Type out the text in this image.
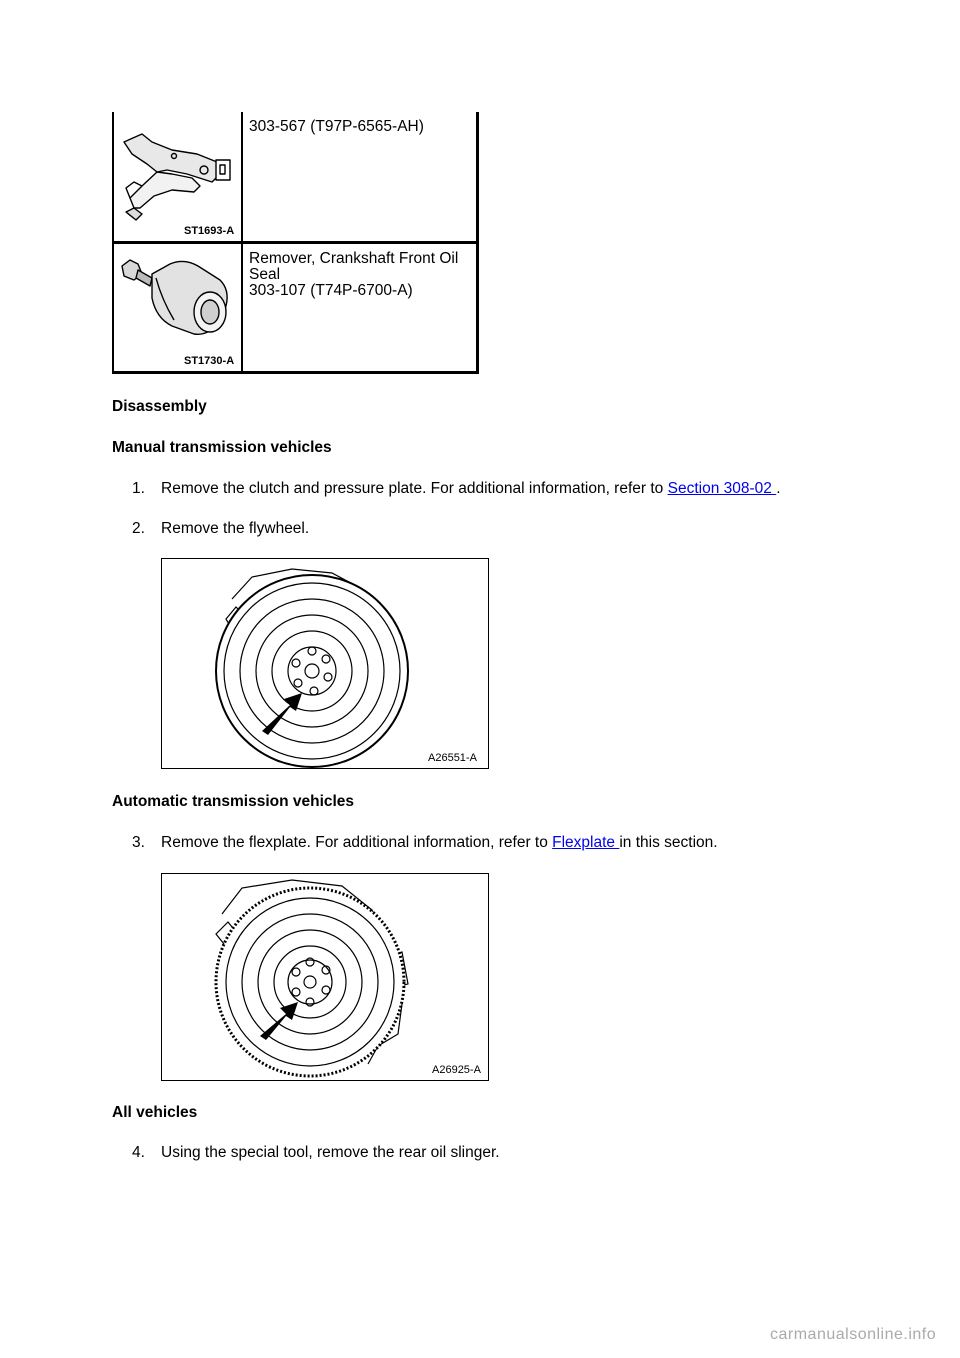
ST1693-A
303-567 (T97P-6565-AH)
ST1730-A
Remover, Crankshaft Front Oil
Seal
303-107 (T74P-6700-A)
Disassembly
Manual transmission vehicles
1. Remove the clutch and pressure plate. For additional information, refer to Section 308-02 .
2. Remove the flywheel.
A26551-A
Automatic transmission vehicles
3. Remove the flexplate. For additional information, refer to Flexplate in this section.
A26925-A
All vehicles
4. Using the special tool, remove the rear oil slinger.
carmanualsonline.info
